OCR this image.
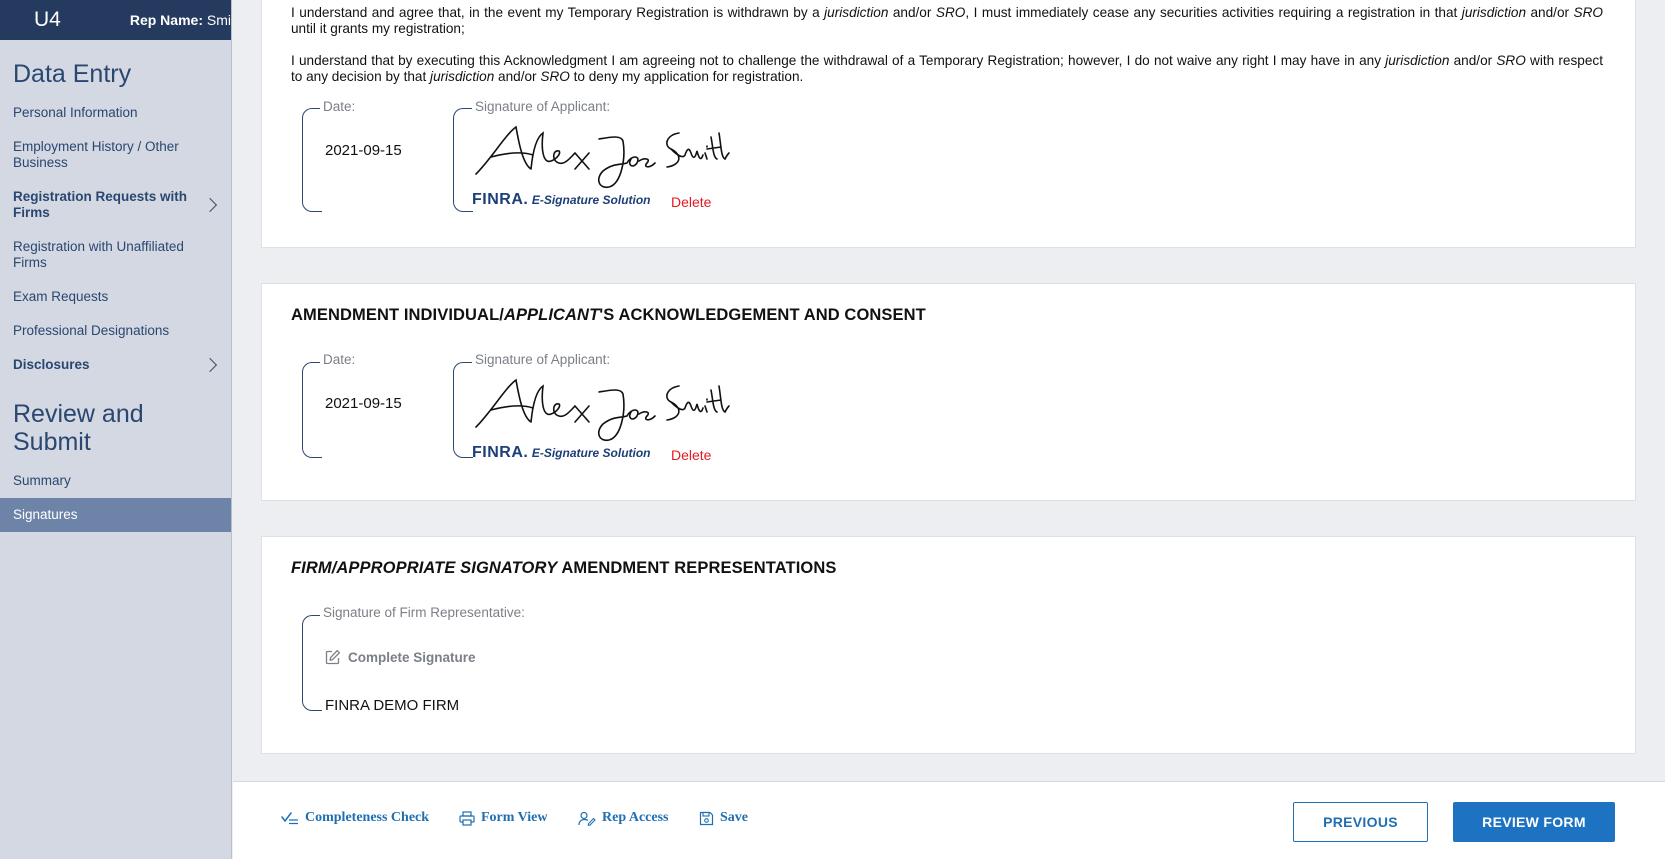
U4	Rep Name: Smi
Data Entry
Personal Information
Employment History / Other Business
Registration Requests with Firms
Registration with Unaffiliated Firms
Exam Requests
Professional Designations
Disclosures
Review and Submit
Summary
Signatures

I understand and agree that, in the event my Temporary Registration is withdrawn by a jurisdiction and/or SRO, I must immediately cease any securities activities requiring a registration in that jurisdiction and/or SRO until it grants my registration;

I understand that by executing this Acknowledgment I am agreeing not to challenge the withdrawal of a Temporary Registration; however, I do not waive any right I may have in any jurisdiction and/or SRO with respect to any decision by that jurisdiction and/or SRO to deny my application for registration.

Date:
2021-09-15
Signature of Applicant:
FINRA . E-Signature Solution Delete
AMENDMENT INDIVIDUAL/APPLICANT'S ACKNOWLEDGEMENT AND CONSENT
Date:
2021-09-15
Signature of Applicant:
FINRA . E-Signature Solution Delete
FIRM/APPROPRIATE SIGNATORY AMENDMENT REPRESENTATIONS
Signature of Firm Representative:
Complete Signature
FINRA DEMO FIRM
Completeness Check	Form View	Rep Access	Save	PREVIOUS	REVIEW FORM
